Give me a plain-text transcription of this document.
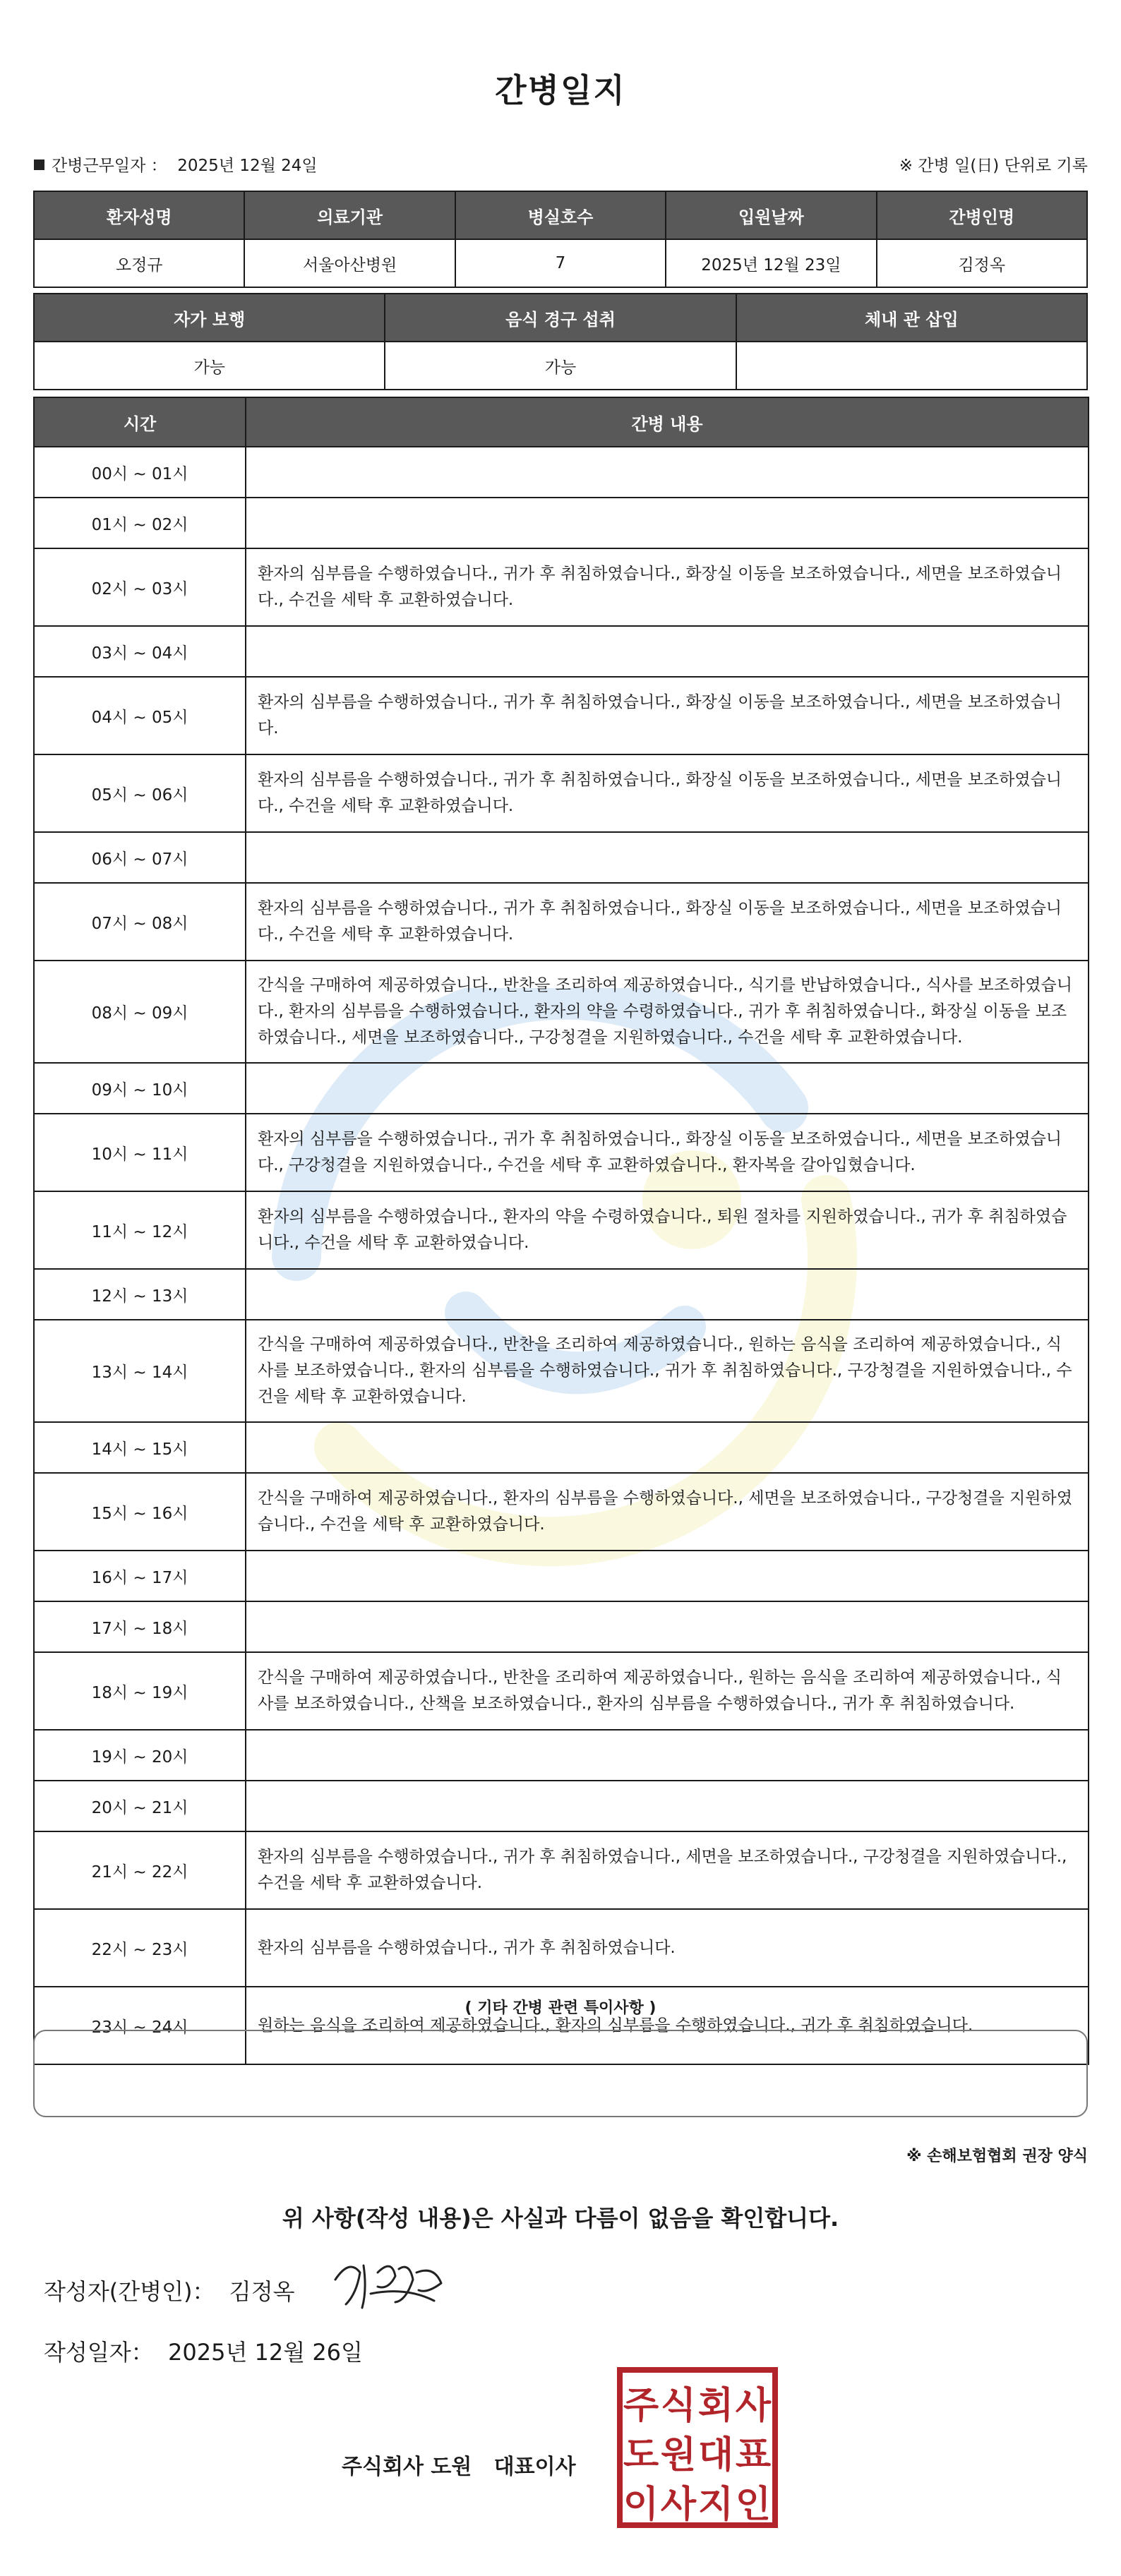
간병일지
간병근무일자 ： 2025년 12월 24일	※ 간병 일(日) 단위로 기록
환자성명	의료기관	병실호수	입원날짜	간병인명
오정규	서울아산병원	7	2025년 12월 23일	김정옥
자가 보행	음식 경구 섭취	체내 관 삽입
가능	가능	
시간	간병 내용
00시 ~ 01시	
01시 ~ 02시	
02시 ~ 03시	환자의 심부름을 수행하였습니다., 귀가 후 취침하였습니다., 화장실 이동을 보조하였습니다., 세면을 보조하였습니다., 수건을 세탁 후 교환하였습니다.
03시 ~ 04시	
04시 ~ 05시	환자의 심부름을 수행하였습니다., 귀가 후 취침하였습니다., 화장실 이동을 보조하였습니다., 세면을 보조하였습니다.
05시 ~ 06시	환자의 심부름을 수행하였습니다., 귀가 후 취침하였습니다., 화장실 이동을 보조하였습니다., 세면을 보조하였습니다., 수건을 세탁 후 교환하였습니다.
06시 ~ 07시	
07시 ~ 08시	환자의 심부름을 수행하였습니다., 귀가 후 취침하였습니다., 화장실 이동을 보조하였습니다., 세면을 보조하였습니다., 수건을 세탁 후 교환하였습니다.
08시 ~ 09시	간식을 구매하여 제공하였습니다., 반찬을 조리하여 제공하였습니다., 식기를 반납하였습니다., 식사를 보조하였습니다., 환자의 심부름을 수행하였습니다., 환자의 약을 수령하였습니다., 귀가 후 취침하였습니다., 화장실 이동을 보조하였습니다., 세면을 보조하였습니다., 구강청결을 지원하였습니다., 수건을 세탁 후 교환하였습니다.
09시 ~ 10시	
10시 ~ 11시	환자의 심부름을 수행하였습니다., 귀가 후 취침하였습니다., 화장실 이동을 보조하였습니다., 세면을 보조하였습니다., 구강청결을 지원하였습니다., 수건을 세탁 후 교환하였습니다., 환자복을 갈아입혔습니다.
11시 ~ 12시	환자의 심부름을 수행하였습니다., 환자의 약을 수령하였습니다., 퇴원 절차를 지원하였습니다., 귀가 후 취침하였습니다., 수건을 세탁 후 교환하였습니다.
12시 ~ 13시	
13시 ~ 14시	간식을 구매하여 제공하였습니다., 반찬을 조리하여 제공하였습니다., 원하는 음식을 조리하여 제공하였습니다., 식사를 보조하였습니다., 환자의 심부름을 수행하였습니다., 귀가 후 취침하였습니다., 구강청결을 지원하였습니다., 수건을 세탁 후 교환하였습니다.
14시 ~ 15시	
15시 ~ 16시	간식을 구매하여 제공하였습니다., 환자의 심부름을 수행하였습니다., 세면을 보조하였습니다., 구강청결을 지원하였습니다., 수건을 세탁 후 교환하였습니다.
16시 ~ 17시	
17시 ~ 18시	
18시 ~ 19시	간식을 구매하여 제공하였습니다., 반찬을 조리하여 제공하였습니다., 원하는 음식을 조리하여 제공하였습니다., 식사를 보조하였습니다., 산책을 보조하였습니다., 환자의 심부름을 수행하였습니다., 귀가 후 취침하였습니다.
19시 ~ 20시	
20시 ~ 21시	
21시 ~ 22시	환자의 심부름을 수행하였습니다., 귀가 후 취침하였습니다., 세면을 보조하였습니다., 구강청결을 지원하였습니다., 수건을 세탁 후 교환하였습니다.
22시 ~ 23시	환자의 심부름을 수행하였습니다., 귀가 후 취침하였습니다.
23시 ~ 24시	원하는 음식을 조리하여 제공하였습니다., 환자의 심부름을 수행하였습니다., 귀가 후 취침하였습니다.
( 기타 간병 관련 특이사항 )
※ 손해보험협회 권장 양식
위 사항(작성 내용)은 사실과 다름이 없음을 확인합니다.
작성자(간병인)： 김정옥
작성일자： 2025년 12월 26일
주식회사 도원 대표이사
주 식 회 사
도 원 대 표
이 사 지 인
